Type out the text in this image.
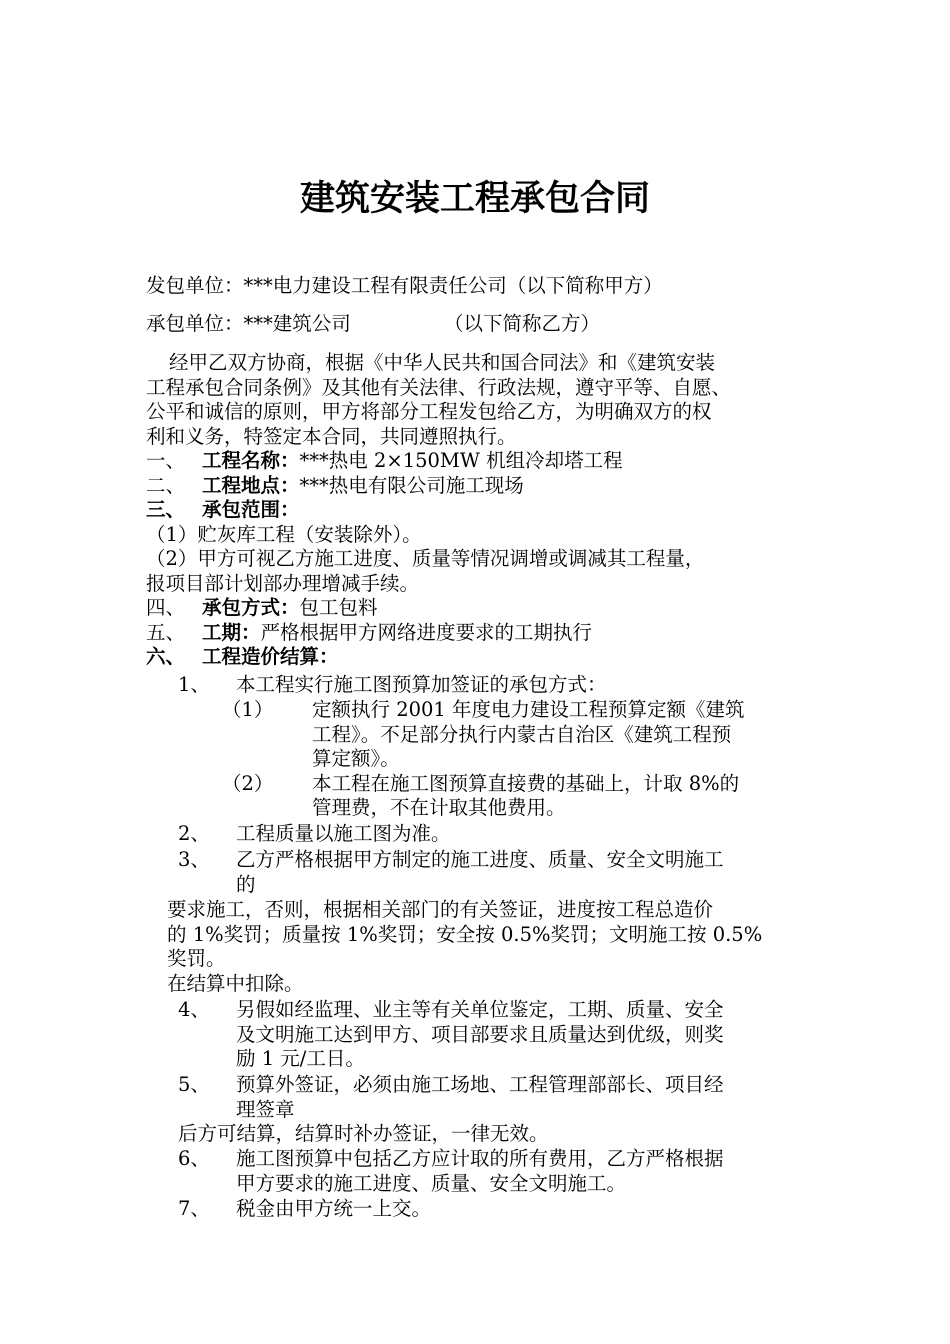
建筑安装工程承包合同
发包单位：***电力建设工程有限责任公司（以下简称甲方）
承包单位：***建筑公司	（以下简称乙方）
经甲乙双方协商，根据《中华人民共和国合同法》和《建筑安装
工程承包合同条例》及其他有关法律、行政法规，遵守平等、自愿、
公平和诚信的原则，甲方将部分工程发包给乙方，为明确双方的权
利和义务，特签定本合同，共同遵照执行。
一、 工程名称：***热电 2×150MW 机组冷却塔工程
二、 工程地点：***热电有限公司施工现场
三、 承包范围：
（1）贮灰库工程（安装除外）。
（2）甲方可视乙方施工进度、质量等情况调增或调减其工程量，
报项目部计划部办理增减手续。
四、 承包方式：包工包料
五、 工期：严格根据甲方网络进度要求的工期执行
六、 工程造价结算：
1、 本工程实行施工图预算加签证的承包方式：
（1） 定额执行 2001 年度电力建设工程预算定额《建筑
工程》。不足部分执行内蒙古自治区《建筑工程预
算定额》。
（2） 本工程在施工图预算直接费的基础上，计取 8%的
管理费，不在计取其他费用。
2、 工程质量以施工图为准。
3、 乙方严格根据甲方制定的施工进度、质量、安全文明施工
的
要求施工，否则，根据相关部门的有关签证，进度按工程总造价
的 1%奖罚；质量按 1%奖罚；安全按 0.5%奖罚；文明施工按 0.5%
奖罚。
在结算中扣除。
4、 另假如经监理、业主等有关单位鉴定，工期、质量、安全
及文明施工达到甲方、项目部要求且质量达到优级，则奖
励 1 元/工日。
5、 预算外签证，必须由施工场地、工程管理部部长、项目经
理签章
后方可结算，结算时补办签证，一律无效。
6、 施工图预算中包括乙方应计取的所有费用，乙方严格根据
甲方要求的施工进度、质量、安全文明施工。
7、 税金由甲方统一上交。
